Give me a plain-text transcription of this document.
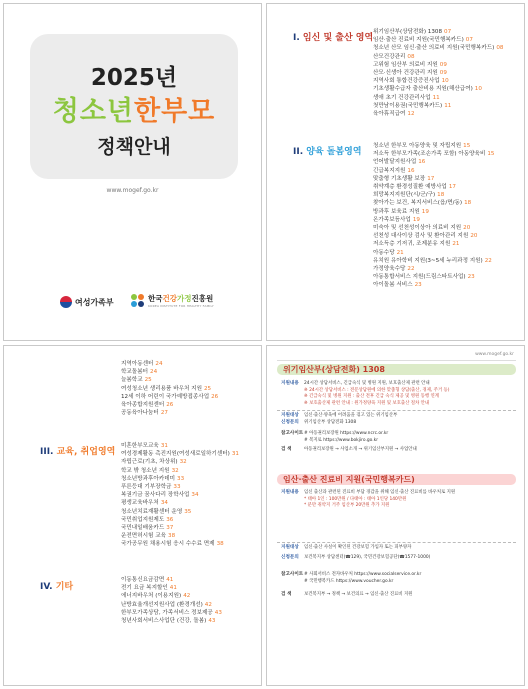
2025년
청소년한부모
정책안내
www.mogef.go.kr
여성가족부	한국건강가정진흥원
KOREA INSTITUTE FOR HEALTHY FAMILY
I. 임신 및 출산 영역
위기임산부(상담전화) 1308 07
임산·출산 진료비 지원(국민행복카드) 07
청소년 산모 임신·출산 의료비 지원(국민행복카드) 08
산모건강관리 08
고위험 임산부 의료비 지원 09
산모·신생아 건강관리 지원 09
지역사회 통합건강증진사업 10
기초생활수급자 출산비용 지원(해산급여) 10
생애 초기 건강관리사업 11
첫만남이용권(국민행복카드) 11
육아휴직급여 12
II. 양육 돌봄영역
청소년 한부모 아동양육 및 자립지원 15
저소득 한부모가족(조손가족 포함) 아동양육비 15
언어발달지원사업 16
긴급복지지원 16
맞춤형 기초생활 보장 17
취약계층 환경성질환 예방사업 17
희망복지지원단(시/군/구) 18
찾아가는 보건, 복지서비스(읍/면/동) 18
방과후 보육료 지원 19
온가족보듬사업 19
미숙아 및 선천성이상아 의료비 지원 20
선천성 대사이상 검사 및 환아관리 지원 20
저소득층 기저귀, 조제분유 지원 21
아동수당 21
유치원 유아학비 지원(3~5세 누리과정 지원) 22
가정양육수당 22
아동통합서비스 지원(드림스타트사업) 23
아이돌봄 서비스 23
지역아동센터 24
학교돌봄터 24
늘봄학교 25
여성청소년 생리용품 바우처 지원 25
12세 이하 어린이 국가예방접종사업 26
육아종합지원센터 26
공동육아나눔터 27
III. 교육, 취업영역
미혼한부모교육 31
여성경제활동 촉진지원(여성새로일하기센터) 31
자립근로(기초, 차상위) 32
학교 밖 청소년 지원 32
청소년방과후아카데미 33
푸른등대 기부장학금 33
복권기금 꿈사다리 장학사업 34
평생교육바우처 34
청소년치료재활센터 운영 35
국민취업지원제도 36
국민내일배움카드 37
운전면허시험 교육 38
국가공무원 채용시험 응시 수수료 면제 38
IV. 기타
이동통신요금감면 41
전기 요금 복지할인 41
에너지바우처 (이용지원) 42
난방효율개선지원사업 (환경개선) 42
한부모가족상담, 가족서비스 정보제공 43
청년사회서비스사업단 (건강, 돌봄) 43
www.mogef.go.kr
위기임산부(상담전화) 1308
지원내용	24시간 상담서비스, 긴급숙식 및 병원 지원, 보호출산제 관련 안내
※ 24시간 상담서비스 : 전문상담원에 의한 맞춤형 상담(출산, 경제, 주거 등)
※ 긴급숙식 및 병원 지원 : 출산 전후 긴급 숙식 제공 및 병원 동행 연계
※ 보호출산제 관련 안내 : 원가정양육 지원 및 보호출산 절차 안내
지원대상	임신·출산·양육에 어려움을 겪고 있는 위기임산부
신청문의	위기임산부 상담전화 1308
참고사이트 # 아동권리보장원 https://www.ncrc.or.kr
# 복지로 https://www.bokjiro.go.kr
검 색	아동권리보장원 → 사업소개 → 위기임산부지원 → 사업안내
임산·출산 진료비 지원(국민행복카드)
지원내용	임신 출산과 관련된 진료비 부담 경감을 위해 임신·출산 진료비를 바우처로 지원
* 태아 1인 : 100만원 / 다태아 : 태아 1인당 140만원
* 분만 취약지 거주 임산부 20만원 추가 지원
지원대상	임신·출산 사실이 확인된 건강보험 가입자 또는 피부양자
신청문의	보건복지부 상담센터(☎129), 국민건강보험공단(☎1577-1000)
참고사이트 # 사회서비스 전자바우처 https://www.socialservice.or.kr
# 국민행복카드 https://www.voucher.go.kr
검 색	보건복지부 → 정책 → 보건의료 → 임신·출산 진료비 지원
